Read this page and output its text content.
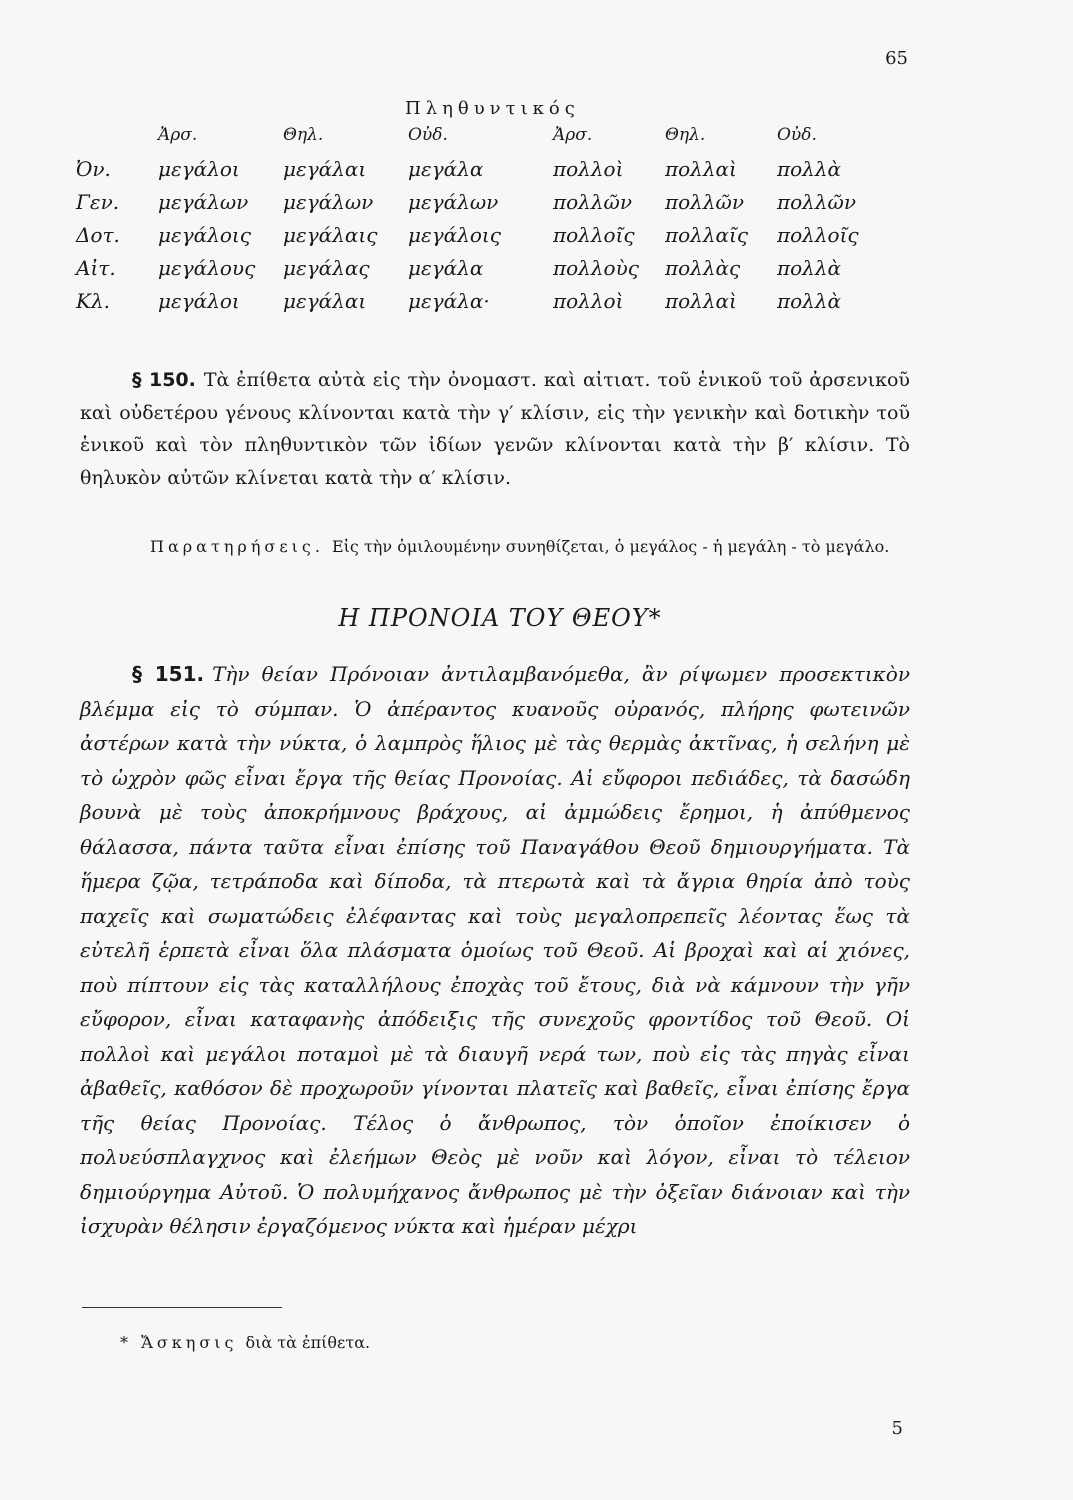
65
Πληθυντικός
	Ἀρσ.	Θηλ.	Οὐδ.	Ἀρσ.	Θηλ.	Οὐδ.
Ὀν.	μεγάλοι	μεγάλαι	μεγάλα	πολλοὶ	πολλαὶ	πολλὰ
Γεν.	μεγάλων	μεγάλων	μεγάλων	πολλῶν	πολλῶν	πολλῶν
Δοτ.	μεγάλοις	μεγάλαις	μεγάλοις	πολλοῖς	πολλαῖς	πολλοῖς
Αἰτ.	μεγάλους	μεγάλας	μεγάλα	πολλοὺς	πολλὰς	πολλὰ
Κλ.	μεγάλοι	μεγάλαι	μεγάλα·	πολλοὶ	πολλαὶ	πολλὰ
§ 150. Τὰ ἐπίθετα αὐτὰ εἰς τὴν ὀνομαστ. καὶ αἰτιατ. τοῦ ἑνικοῦ τοῦ ἀρσενικοῦ καὶ οὐδετέρου γένους κλίνονται κατὰ τὴν γ′ κλίσιν, εἰς τὴν γενικὴν καὶ δοτικὴν τοῦ ἑνικοῦ καὶ τὸν πληθυντικὸν τῶν ἰδίων γενῶν κλίνονται κατὰ τὴν β′ κλίσιν. Τὸ θηλυκὸν αὐτῶν κλίνεται κατὰ τὴν α′ κλίσιν.
Παρατηρήσεις. Εἰς τὴν ὁμιλουμένην συνηθίζεται, ὁ μεγάλος - ἡ μεγάλη - τὸ μεγάλο.
Η ΠΡΟΝΟΙΑ ΤΟΥ ΘΕΟΥ*
§ 151. Τὴν θείαν Πρόνοιαν ἀντιλαμβανόμεθα, ἂν ρίψωμεν προσεκτικὸν βλέμμα εἰς τὸ σύμπαν. Ὁ ἀπέραντος κυανοῦς οὐρανός, πλήρης φωτεινῶν ἀστέρων κατὰ τὴν νύκτα, ὁ λαμπρὸς ἥλιος μὲ τὰς θερμὰς ἀκτῖνας, ἡ σελήνη μὲ τὸ ὠχρὸν φῶς εἶναι ἔργα τῆς θείας Προνοίας. Αἱ εὔφοροι πεδιάδες, τὰ δασώδη βουνὰ μὲ τοὺς ἀποκρήμνους βράχους, αἱ ἀμμώδεις ἔρημοι, ἡ ἀπύθμενος θάλασσα, πάντα ταῦτα εἶναι ἐπίσης τοῦ Παναγάθου Θεοῦ δημιουργήματα. Τὰ ἥμερα ζῷα, τετράποδα καὶ δίποδα, τὰ πτερωτὰ καὶ τὰ ἄγρια θηρία ἀπὸ τοὺς παχεῖς καὶ σωματώδεις ἐλέφαντας καὶ τοὺς μεγαλοπρεπεῖς λέοντας ἕως τὰ εὐτελῆ ἑρπετὰ εἶναι ὅλα πλάσματα ὁμοίως τοῦ Θεοῦ. Αἱ βροχαὶ καὶ αἱ χιόνες, ποὺ πίπτουν εἰς τὰς καταλλήλους ἐποχὰς τοῦ ἔτους, διὰ νὰ κάμνουν τὴν γῆν εὔφορον, εἶναι καταφανὴς ἀπόδειξις τῆς συνεχοῦς φροντίδος τοῦ Θεοῦ. Οἱ πολλοὶ καὶ μεγάλοι ποταμοὶ μὲ τὰ διαυγῆ νερά των, ποὺ εἰς τὰς πηγὰς εἶναι ἀβαθεῖς, καθόσον δὲ προχωροῦν γίνονται πλατεῖς καὶ βαθεῖς, εἶναι ἐπίσης ἔργα τῆς θείας Προνοίας. Τέλος ὁ ἄνθρωπος, τὸν ὁποῖον ἐποίκισεν ὁ πολυεύσπλαγχνος καὶ ἐλεήμων Θεὸς μὲ νοῦν καὶ λόγον, εἶναι τὸ τέλειον δημιούργημα Αὐτοῦ. Ὁ πολυμήχανος ἄνθρωπος μὲ τὴν ὀξεῖαν διάνοιαν καὶ τὴν ἰσχυρὰν θέλησιν ἐργαζόμενος νύκτα καὶ ἡμέραν μέχρι
* Ἄσκησις διὰ τὰ ἐπίθετα.
5
